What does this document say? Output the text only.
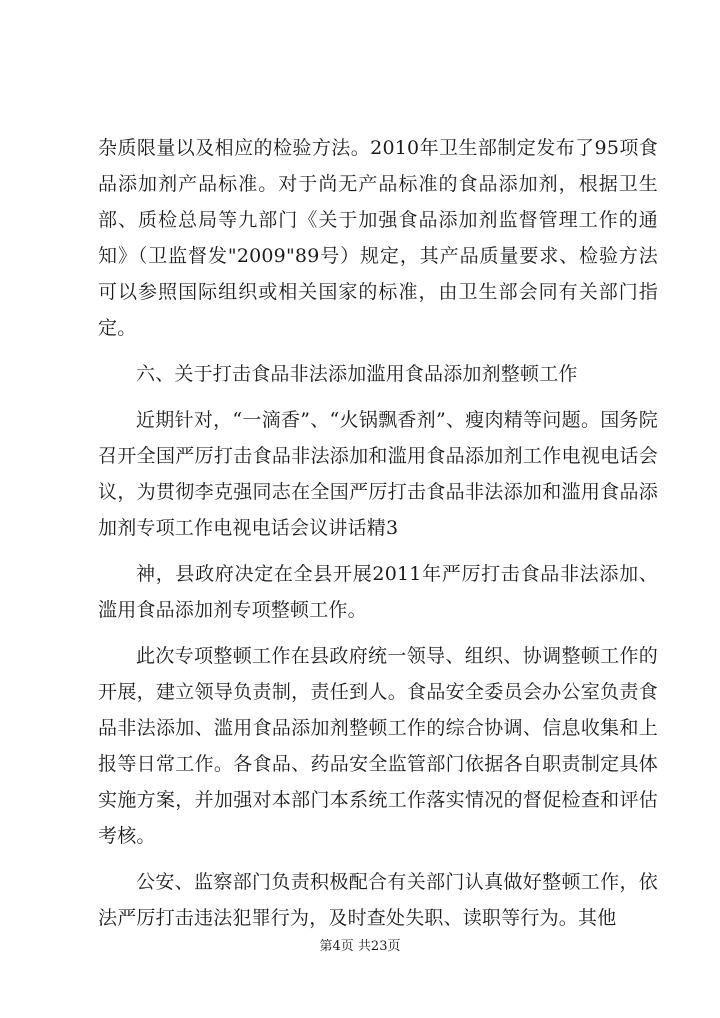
杂质限量以及相应的检验方法。2010年卫生部制定发布了95项食品添加剂产品标准。对于尚无产品标准的食品添加剂，根据卫生部、质检总局等九部门《关于加强食品添加剂监督管理工作的通知》（卫监督发"2009"89号）规定，其产品质量要求、检验方法可以参照国际组织或相关国家的标准，由卫生部会同有关部门指定。

六、关于打击食品非法添加滥用食品添加剂整顿工作

近期针对，“一滴香”、“火锅飘香剂”、瘦肉精等问题。国务院召开全国严厉打击食品非法添加和滥用食品添加剂工作电视电话会议，为贯彻李克强同志在全国严厉打击食品非法添加和滥用食品添加剂专项工作电视电话会议讲话精3

神，县政府决定在全县开展2011年严厉打击食品非法添加、滥用食品添加剂专项整顿工作。

此次专项整顿工作在县政府统一领导、组织、协调整顿工作的开展，建立领导负责制，责任到人。食品安全委员会办公室负责食品非法添加、滥用食品添加剂整顿工作的综合协调、信息收集和上报等日常工作。各食品、药品安全监管部门依据各自职责制定具体实施方案，并加强对本部门本系统工作落实情况的督促检查和评估考核。

公安、监察部门负责积极配合有关部门认真做好整顿工作，依法严厉打击违法犯罪行为，及时查处失职、读职等行为。其他

第4页 共23页
